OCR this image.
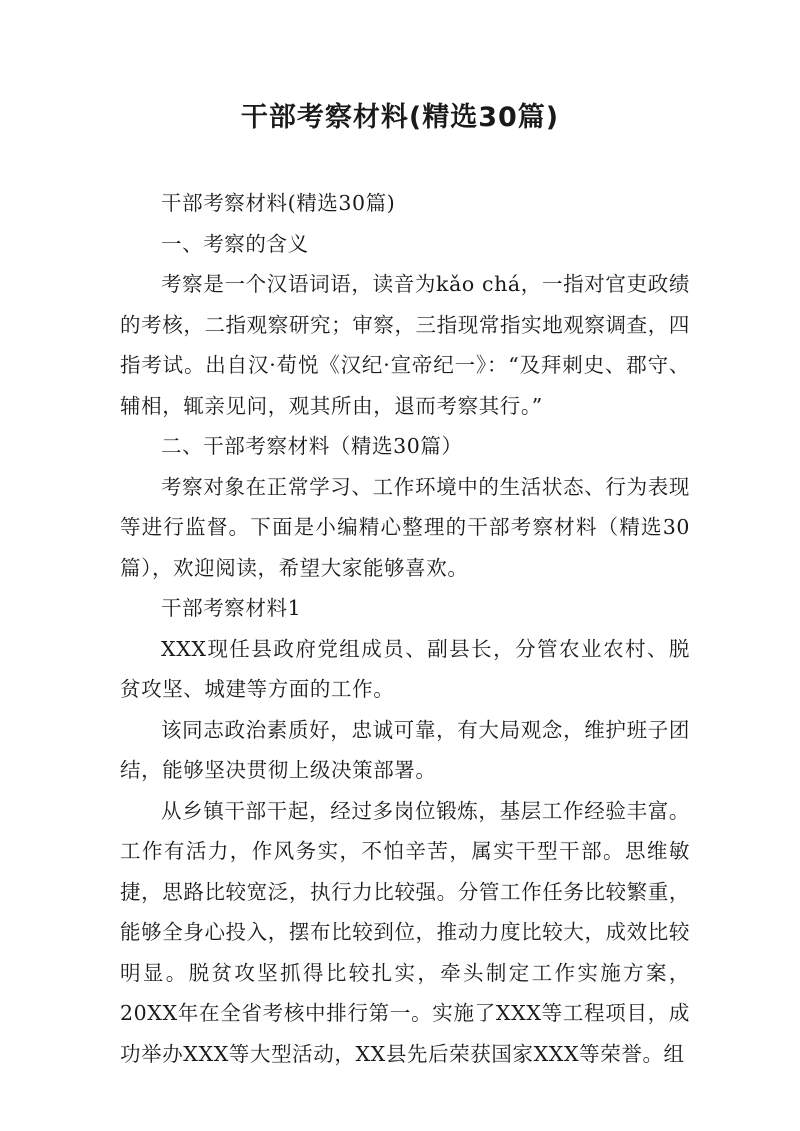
干部考察材料(精选30篇)

干部考察材料(精选30篇)

一、考察的含义

考察是一个汉语词语，读音为kǎo chá，一指对官吏政绩的考核，二指观察研究；审察，三指现常指实地观察调查，四指考试。出自汉·荀悦《汉纪·宣帝纪一》：“及拜刺史、郡守、辅相，辄亲见问，观其所由，退而考察其行。”

二、干部考察材料（精选30篇）

考察对象在正常学习、工作环境中的生活状态、行为表现等进行监督。下面是小编精心整理的干部考察材料（精选30篇），欢迎阅读，希望大家能够喜欢。

干部考察材料1

XXX现任县政府党组成员、副县长，分管农业农村、脱贫攻坚、城建等方面的工作。

该同志政治素质好，忠诚可靠，有大局观念，维护班子团结，能够坚决贯彻上级决策部署。

从乡镇干部干起，经过多岗位锻炼，基层工作经验丰富。工作有活力，作风务实，不怕辛苦，属实干型干部。思维敏捷，思路比较宽泛，执行力比较强。分管工作任务比较繁重，能够全身心投入，摆布比较到位，推动力度比较大，成效比较明显。脱贫攻坚抓得比较扎实，牵头制定工作实施方案，20XX年在全省考核中排行第一。实施了XXX等工程项目，成功举办XXX等大型活动，XX县先后荣获国家XXX等荣誉。组
